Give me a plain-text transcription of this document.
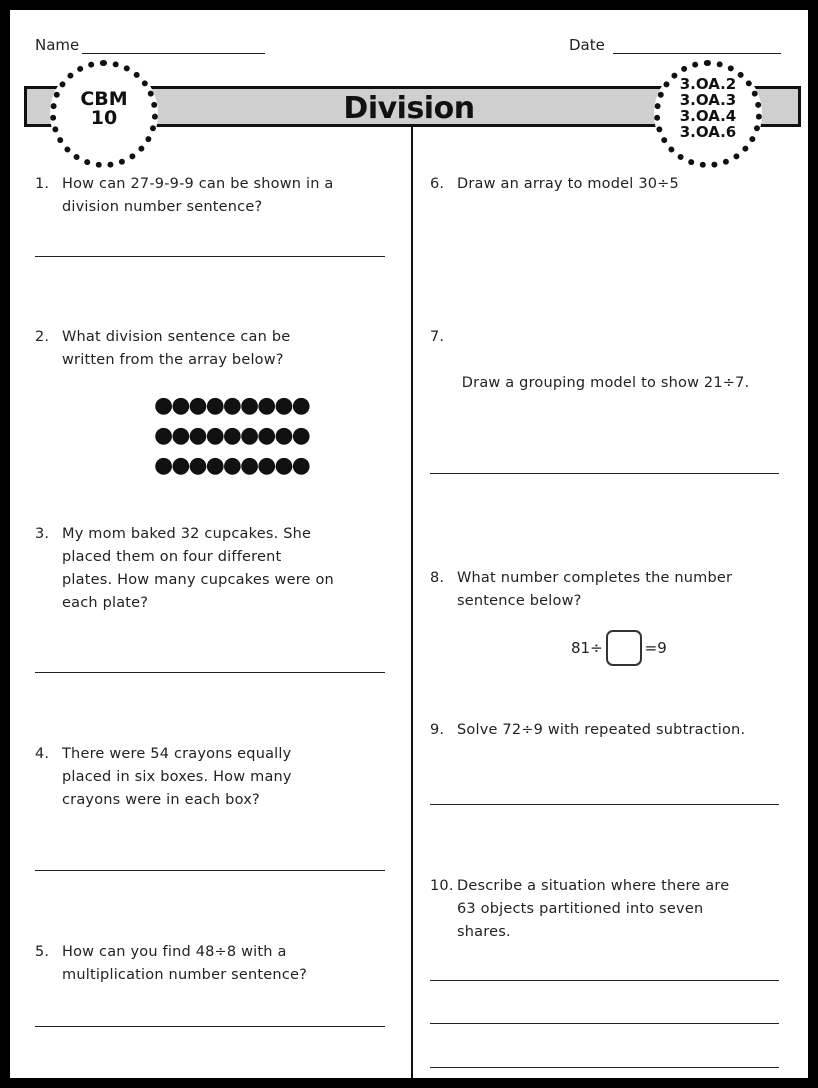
Name	Date
Division
CBM
10
3.OA.2
3.OA.3
3.OA.4
3.OA.6
1. How can 27-9-9-9 can be shown in a
division number sentence?
2. What division sentence can be
written from the array below?
●●●●●●●●●
●●●●●●●●●
●●●●●●●●●
3. My mom baked 32 cupcakes. She
placed them on four different
plates. How many cupcakes were on
each plate?
4. There were 54 crayons equally
placed in six boxes. How many
crayons were in each box?
5. How can you find 48÷8 with a
multiplication number sentence?
6. Draw an array to model 30÷5
7.

Draw a grouping model to show 21÷7.

8. What number completes the number
sentence below?
81÷	=9
9. Solve 72÷9 with repeated subtraction.
10. Describe a situation where there are
63 objects partitioned into seven
shares.
